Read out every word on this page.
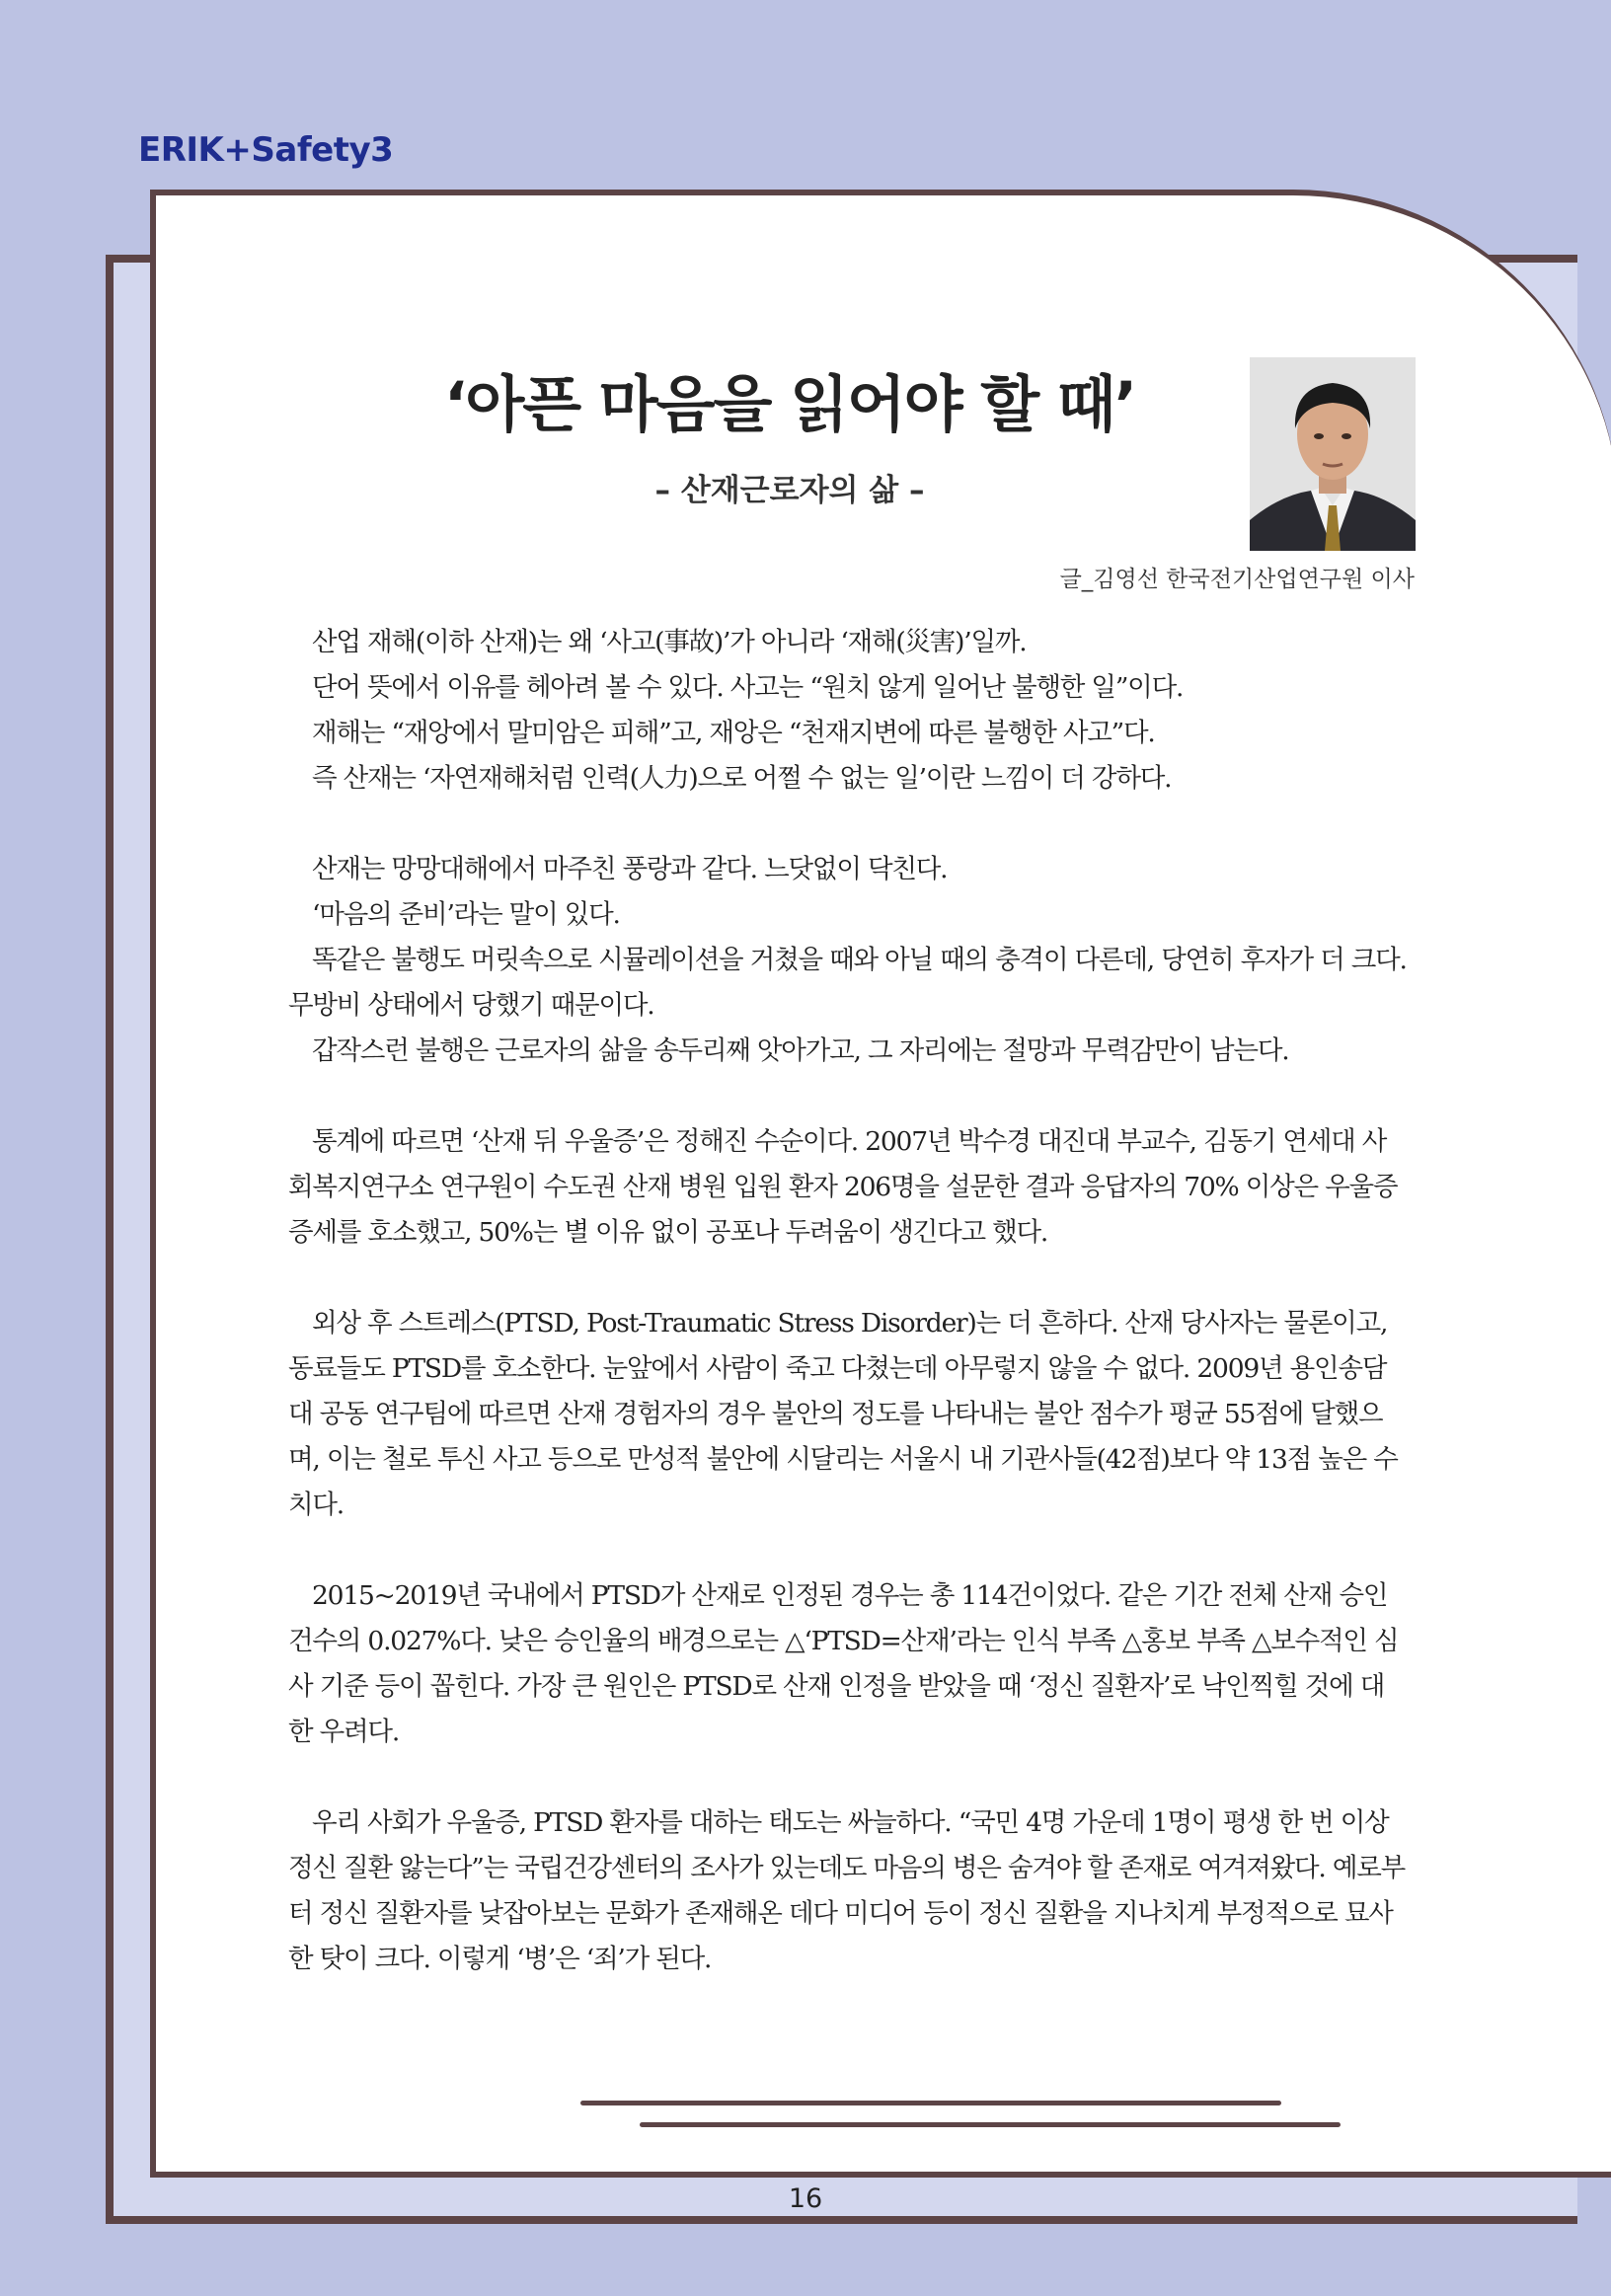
ERIK+Safety3
‘아픈 마음을 읽어야 할 때’
– 산재근로자의 삶 –
글_김영선 한국전기산업연구원 이사

산업 재해(이하 산재)는 왜 ‘사고(事故)’가 아니라 ‘재해(災害)’일까.
단어 뜻에서 이유를 헤아려 볼 수 있다. 사고는 “원치 않게 일어난 불행한 일”이다.
재해는 “재앙에서 말미암은 피해”고, 재앙은 “천재지변에 따른 불행한 사고”다.
즉 산재는 ‘자연재해처럼 인력(人力)으로 어쩔 수 없는 일’이란 느낌이 더 강하다.

산재는 망망대해에서 마주친 풍랑과 같다. 느닷없이 닥친다.
‘마음의 준비’라는 말이 있다.
똑같은 불행도 머릿속으로 시뮬레이션을 거쳤을 때와 아닐 때의 충격이 다른데, 당연히 후자가 더 크다. 무방비 상태에서 당했기 때문이다.
갑작스런 불행은 근로자의 삶을 송두리째 앗아가고, 그 자리에는 절망과 무력감만이 남는다.

통계에 따르면 ‘산재 뒤 우울증’은 정해진 수순이다. 2007년 박수경 대진대 부교수, 김동기 연세대 사회복지연구소 연구원이 수도권 산재 병원 입원 환자 206명을 설문한 결과 응답자의 70% 이상은 우울증 증세를 호소했고, 50%는 별 이유 없이 공포나 두려움이 생긴다고 했다.

외상 후 스트레스(PTSD, Post-Traumatic Stress Disorder)는 더 흔하다. 산재 당사자는 물론이고, 동료들도 PTSD를 호소한다. 눈앞에서 사람이 죽고 다쳤는데 아무렇지 않을 수 없다. 2009년 용인송담대 공동 연구팀에 따르면 산재 경험자의 경우 불안의 정도를 나타내는 불안 점수가 평균 55점에 달했으며, 이는 철로 투신 사고 등으로 만성적 불안에 시달리는 서울시 내 기관사들(42점)보다 약 13점 높은 수치다.

2015~2019년 국내에서 PTSD가 산재로 인정된 경우는 총 114건이었다. 같은 기간 전체 산재 승인 건수의 0.027%다. 낮은 승인율의 배경으로는 △‘PTSD=산재’라는 인식 부족 △홍보 부족 △보수적인 심사 기준 등이 꼽힌다. 가장 큰 원인은 PTSD로 산재 인정을 받았을 때 ‘정신 질환자’로 낙인찍힐 것에 대한 우려다.

우리 사회가 우울증, PTSD 환자를 대하는 태도는 싸늘하다. “국민 4명 가운데 1명이 평생 한 번 이상 정신 질환 앓는다”는 국립건강센터의 조사가 있는데도 마음의 병은 숨겨야 할 존재로 여겨져왔다. 예로부터 정신 질환자를 낮잡아보는 문화가 존재해온 데다 미디어 등이 정신 질환을 지나치게 부정적으로 묘사한 탓이 크다. 이렇게 ‘병’은 ‘죄’가 된다.

16
